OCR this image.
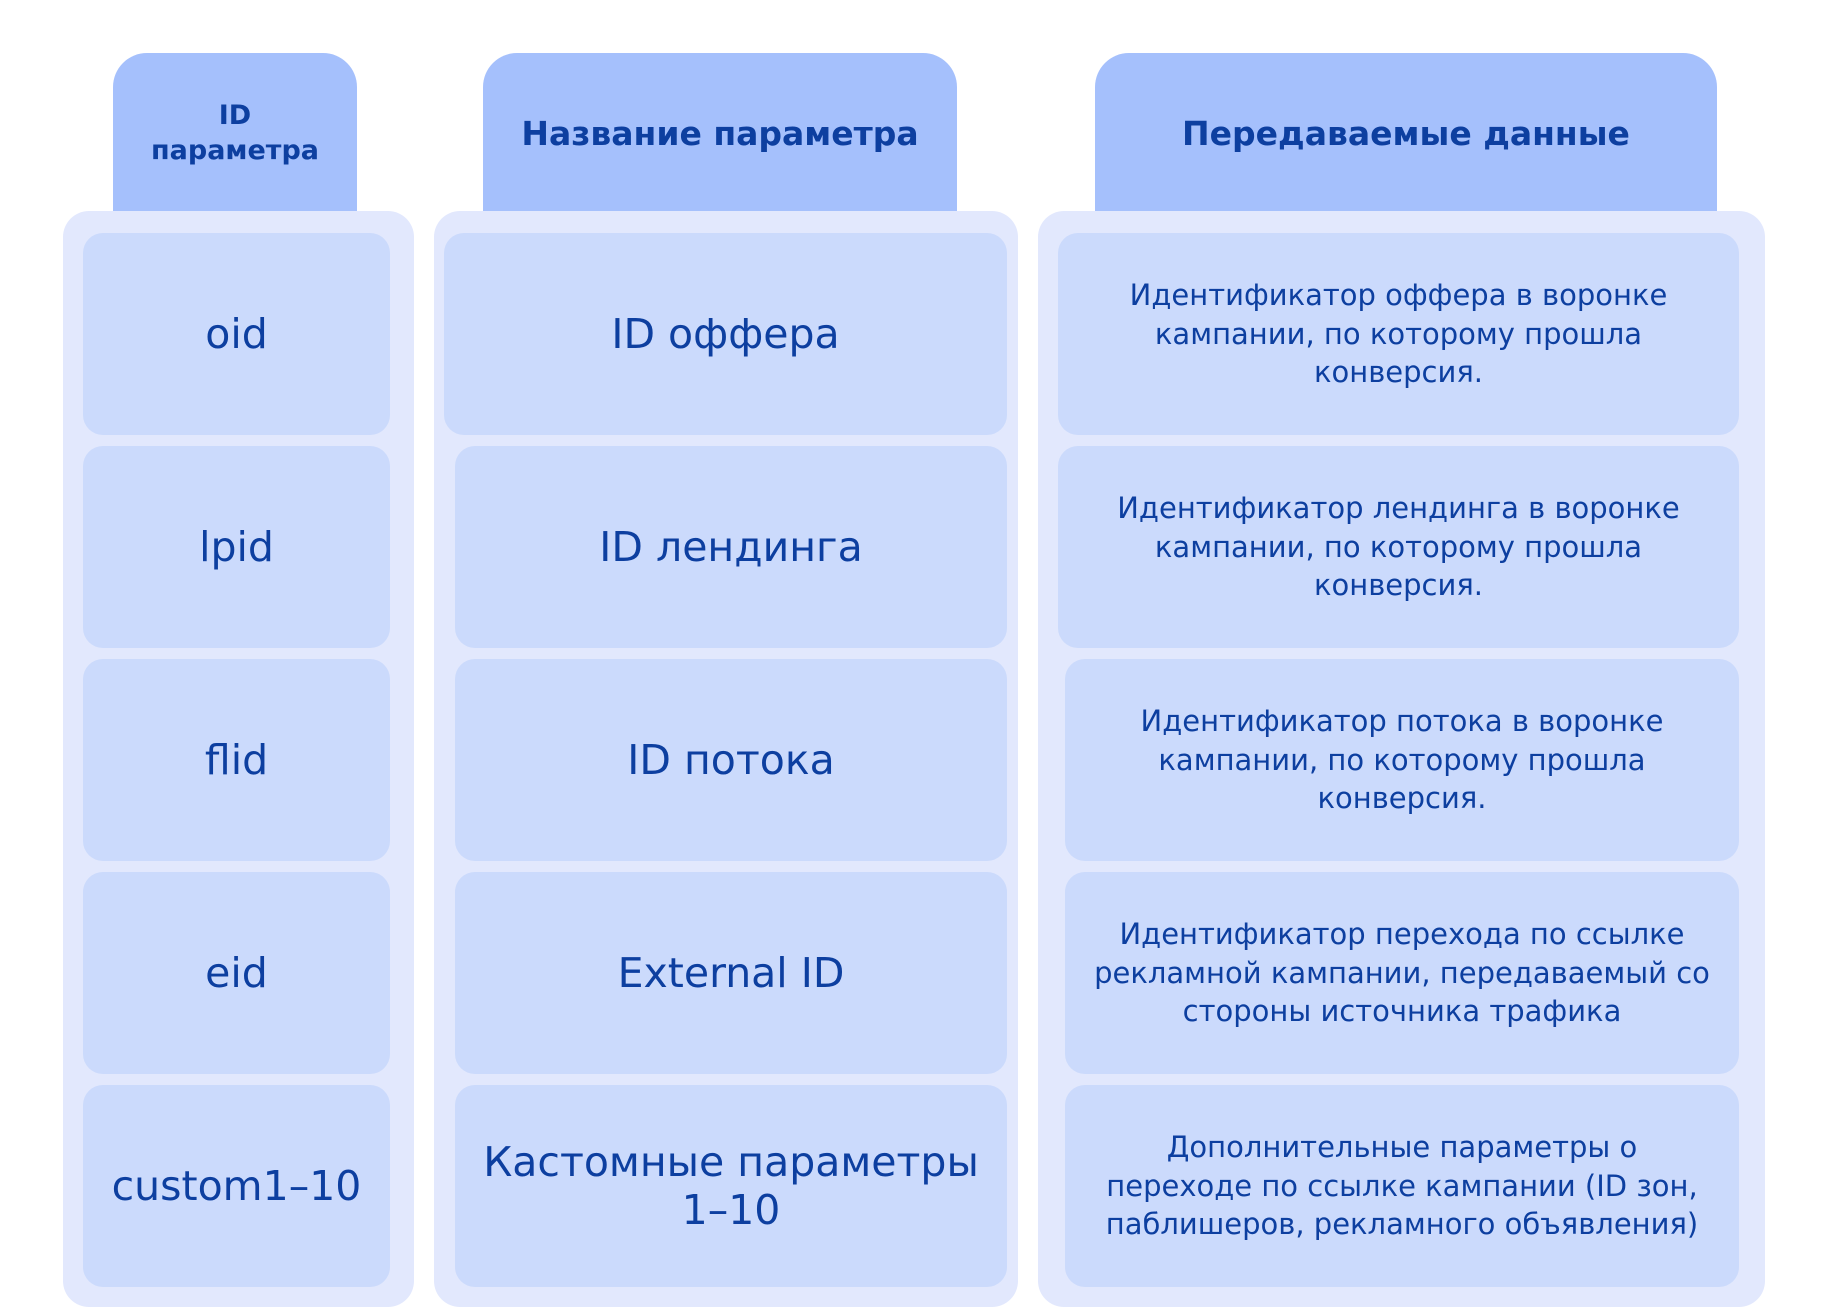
ID
параметра
oid
lpid
flid
eid
custom1–10
Название параметра
ID оффера
ID лендинга
ID потока
External ID
Кастомные параметры 1–10
Передаваемые данные
Идентификатор оффера в воронке кампании, по которому прошла конверсия.
Идентификатор лендинга в воронке кампании, по которому прошла конверсия.
Идентификатор потока в воронке кампании, по которому прошла конверсия.
Идентификатор перехода по ссылке рекламной кампании, передаваемый со стороны источника трафика
Дополнительные параметры о переходе по ссылке кампании (ID зон, паблишеров, рекламного объявления)
